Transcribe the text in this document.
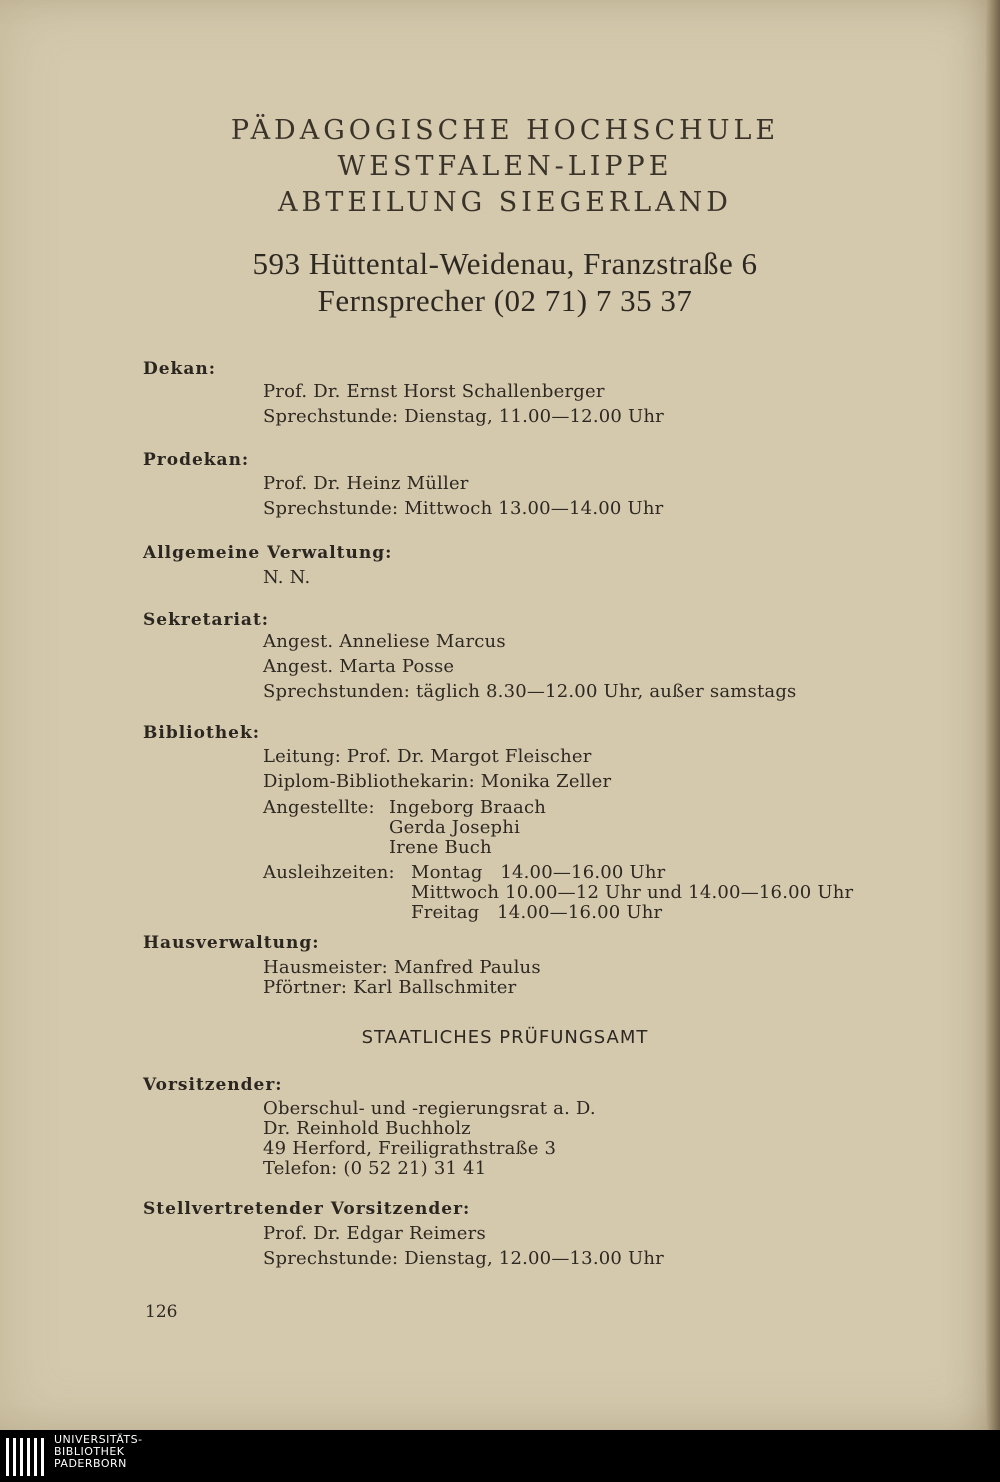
PÄDAGOGISCHE HOCHSCHULE
WESTFALEN-LIPPE
ABTEILUNG SIEGERLAND
593 Hüttental-Weidenau, Franzstraße 6
Fernsprecher (02 71) 7 35 37
Dekan:
Prof. Dr. Ernst Horst Schallenberger
Sprechstunde: Dienstag, 11.00—12.00 Uhr
Prodekan:
Prof. Dr. Heinz Müller
Sprechstunde: Mittwoch 13.00—14.00 Uhr
Allgemeine Verwaltung:
N. N.
Sekretariat:
Angest. Anneliese Marcus
Angest. Marta Posse
Sprechstunden: täglich 8.30—12.00 Uhr, außer samstags
Bibliothek:
Leitung: Prof. Dr. Margot Fleischer
Diplom-Bibliothekarin: Monika Zeller
Angestellte: Ingeborg Braach
Gerda Josephi
Irene Buch
Ausleihzeiten: Montag   14.00—16.00 Uhr
Mittwoch 10.00—12 Uhr und 14.00—16.00 Uhr
Freitag   14.00—16.00 Uhr
Hausverwaltung:
Hausmeister: Manfred Paulus
Pförtner: Karl Ballschmiter
STAATLICHES PRÜFUNGSAMT
Vorsitzender:
Oberschul- und -regierungsrat a. D.
Dr. Reinhold Buchholz
49 Herford, Freiligrathstraße 3
Telefon: (0 52 21) 31 41
Stellvertretender Vorsitzender:
Prof. Dr. Edgar Reimers
Sprechstunde: Dienstag, 12.00—13.00 Uhr
126
UNIVERSITÄTS-
BIBLIOTHEK
PADERBORN
